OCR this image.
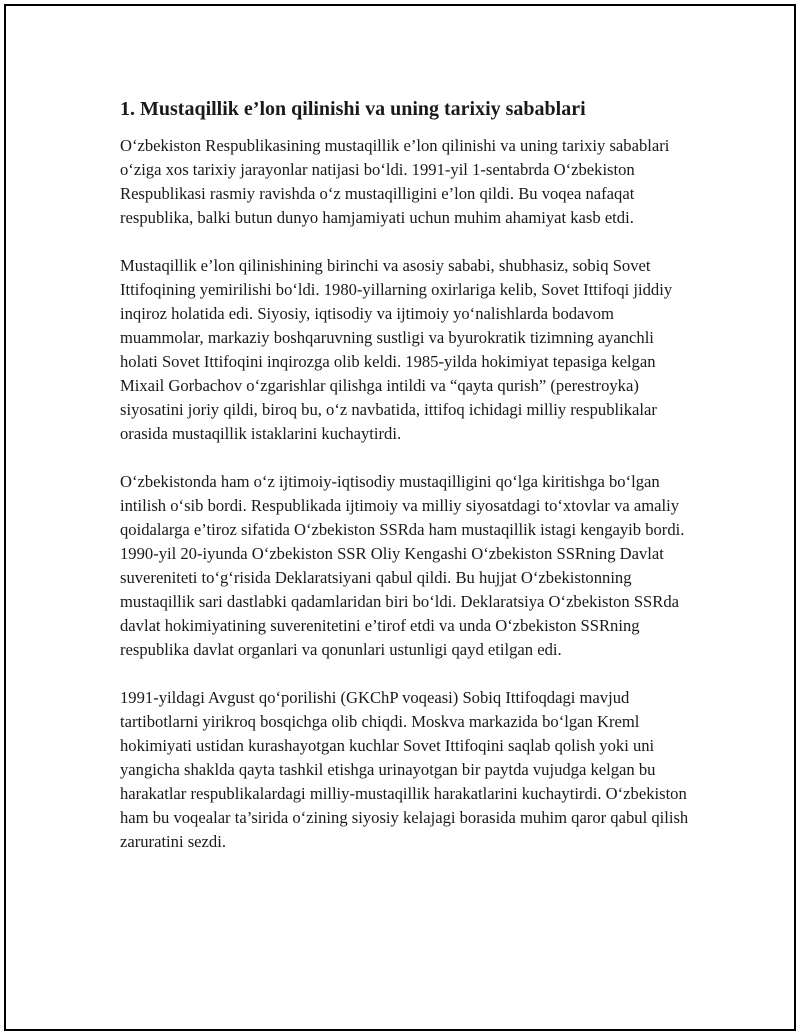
1. Mustaqillik e’lon qilinishi va uning tarixiy sabablari

O‘zbekiston Respublikasining mustaqillik e’lon qilinishi va uning tarixiy sabablari o‘ziga xos tarixiy jarayonlar natijasi bo‘ldi. 1991-yil 1-sentabrda O‘zbekiston Respublikasi rasmiy ravishda o‘z mustaqilligini e’lon qildi. Bu voqea nafaqat respublika, balki butun dunyo hamjamiyati uchun muhim ahamiyat kasb etdi.

Mustaqillik e’lon qilinishining birinchi va asosiy sababi, shubhasiz, sobiq Sovet Ittifoqining yemirilishi bo‘ldi. 1980-yillarning oxirlariga kelib, Sovet Ittifoqi jiddiy inqiroz holatida edi. Siyosiy, iqtisodiy va ijtimoiy yo‘nalishlarda bodavom muammolar, markaziy boshqaruvning sustligi va byurokratik tizimning ayanchli holati Sovet Ittifoqini inqirozga olib keldi. 1985-yilda hokimiyat tepasiga kelgan Mixail Gorbachov o‘zgarishlar qilishga intildi va “qayta qurish” (perestroyka) siyosatini joriy qildi, biroq bu, o‘z navbatida, ittifoq ichidagi milliy respublikalar orasida mustaqillik istaklarini kuchaytirdi.

O‘zbekistonda ham o‘z ijtimoiy-iqtisodiy mustaqilligini qo‘lga kiritishga bo‘lgan intilish o‘sib bordi. Respublikada ijtimoiy va milliy siyosatdagi to‘xtovlar va amaliy qoidalarga e’tiroz sifatida O‘zbekiston SSRda ham mustaqillik istagi kengayib bordi. 1990-yil 20-iyunda O‘zbekiston SSR Oliy Kengashi O‘zbekiston SSRning Davlat suvereniteti to‘g‘risida Deklaratsiyani qabul qildi. Bu hujjat O‘zbekistonning mustaqillik sari dastlabki qadamlaridan biri bo‘ldi. Deklaratsiya O‘zbekiston SSRda davlat hokimiyatining suverenitetini e’tirof etdi va unda O‘zbekiston SSRning respublika davlat organlari va qonunlari ustunligi qayd etilgan edi.

1991-yildagi Avgust qo‘porilishi (GKChP voqeasi) Sobiq Ittifoqdagi mavjud tartibotlarni yirikroq bosqichga olib chiqdi. Moskva markazida bo‘lgan Kreml hokimiyati ustidan kurashayotgan kuchlar Sovet Ittifoqini saqlab qolish yoki uni yangicha shaklda qayta tashkil etishga urinayotgan bir paytda vujudga kelgan bu harakatlar respublikalardagi milliy-mustaqillik harakatlarini kuchaytirdi. O‘zbekiston ham bu voqealar ta’sirida o‘zining siyosiy kelajagi borasida muhim qaror qabul qilish zaruratini sezdi.
